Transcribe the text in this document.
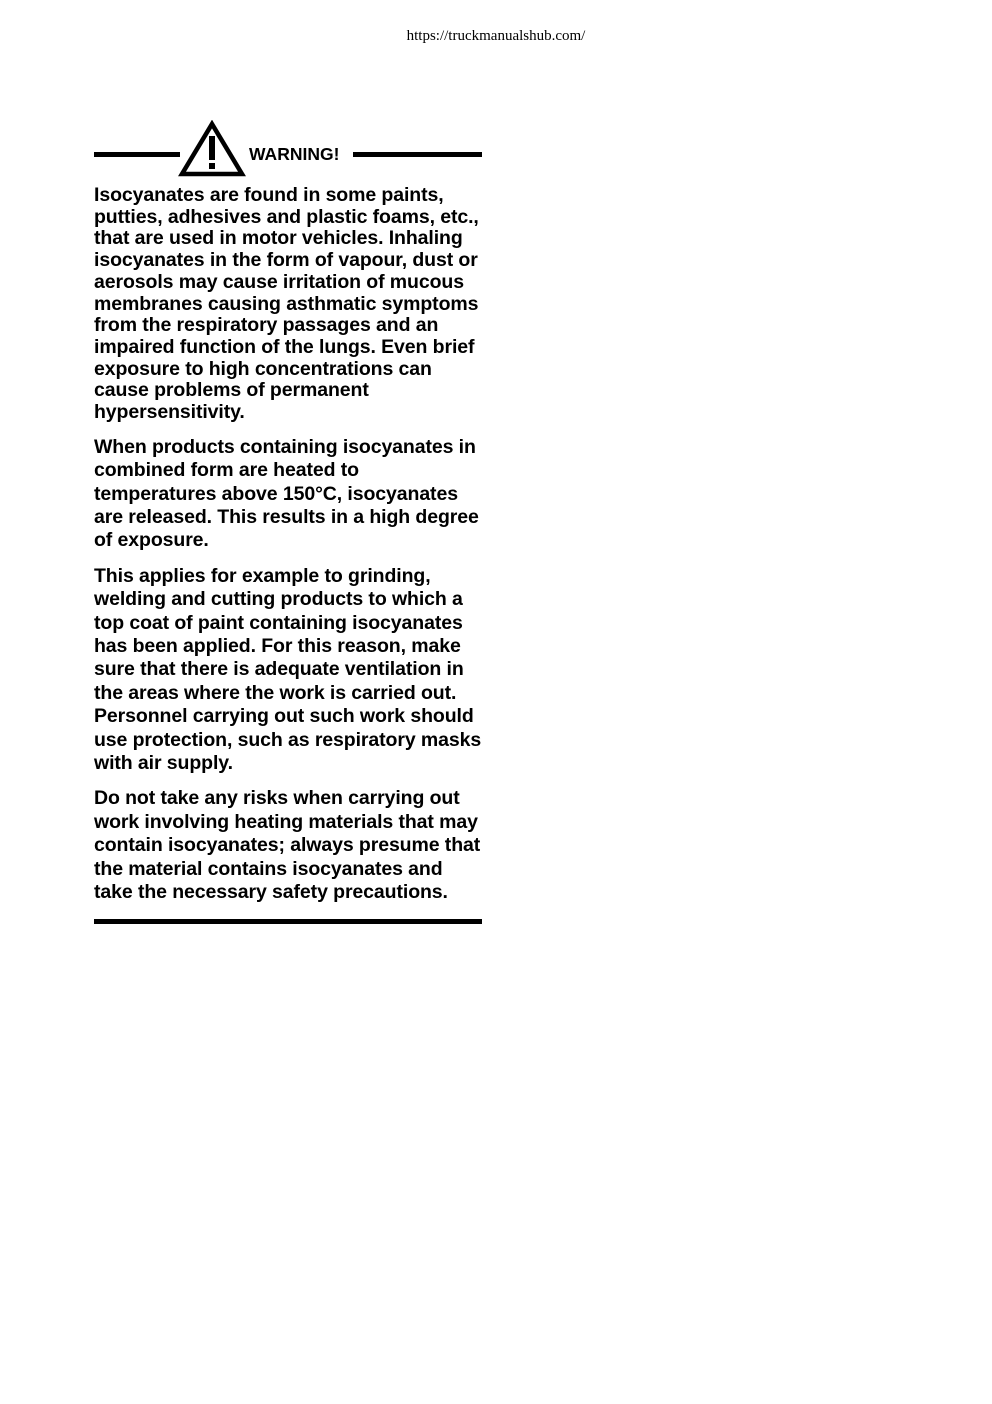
https://truckmanualshub.com/
WARNING!

Isocyanates are found in some paints, putties, adhesives and plastic foams, etc., that are used in motor vehicles. Inhaling isocyanates in the form of vapour, dust or aerosols may cause irritation of mucous membranes causing asthmatic symptoms from the respiratory passages and an impaired function of the lungs. Even brief exposure to high concentrations can cause problems of permanent hypersensitivity.

When products containing isocyanates in combined form are heated to temperatures above 150°C, isocyanates are released. This results in a high degree of exposure.

This applies for example to grinding, welding and cutting products to which a top coat of paint containing isocyanates has been applied. For this reason, make sure that there is adequate ventilation in the areas where the work is carried out. Personnel carrying out such work should use protection, such as respiratory masks with air supply.

Do not take any risks when carrying out work involving heating materials that may contain isocyanates; always presume that the material contains isocyanates and take the necessary safety precautions.
